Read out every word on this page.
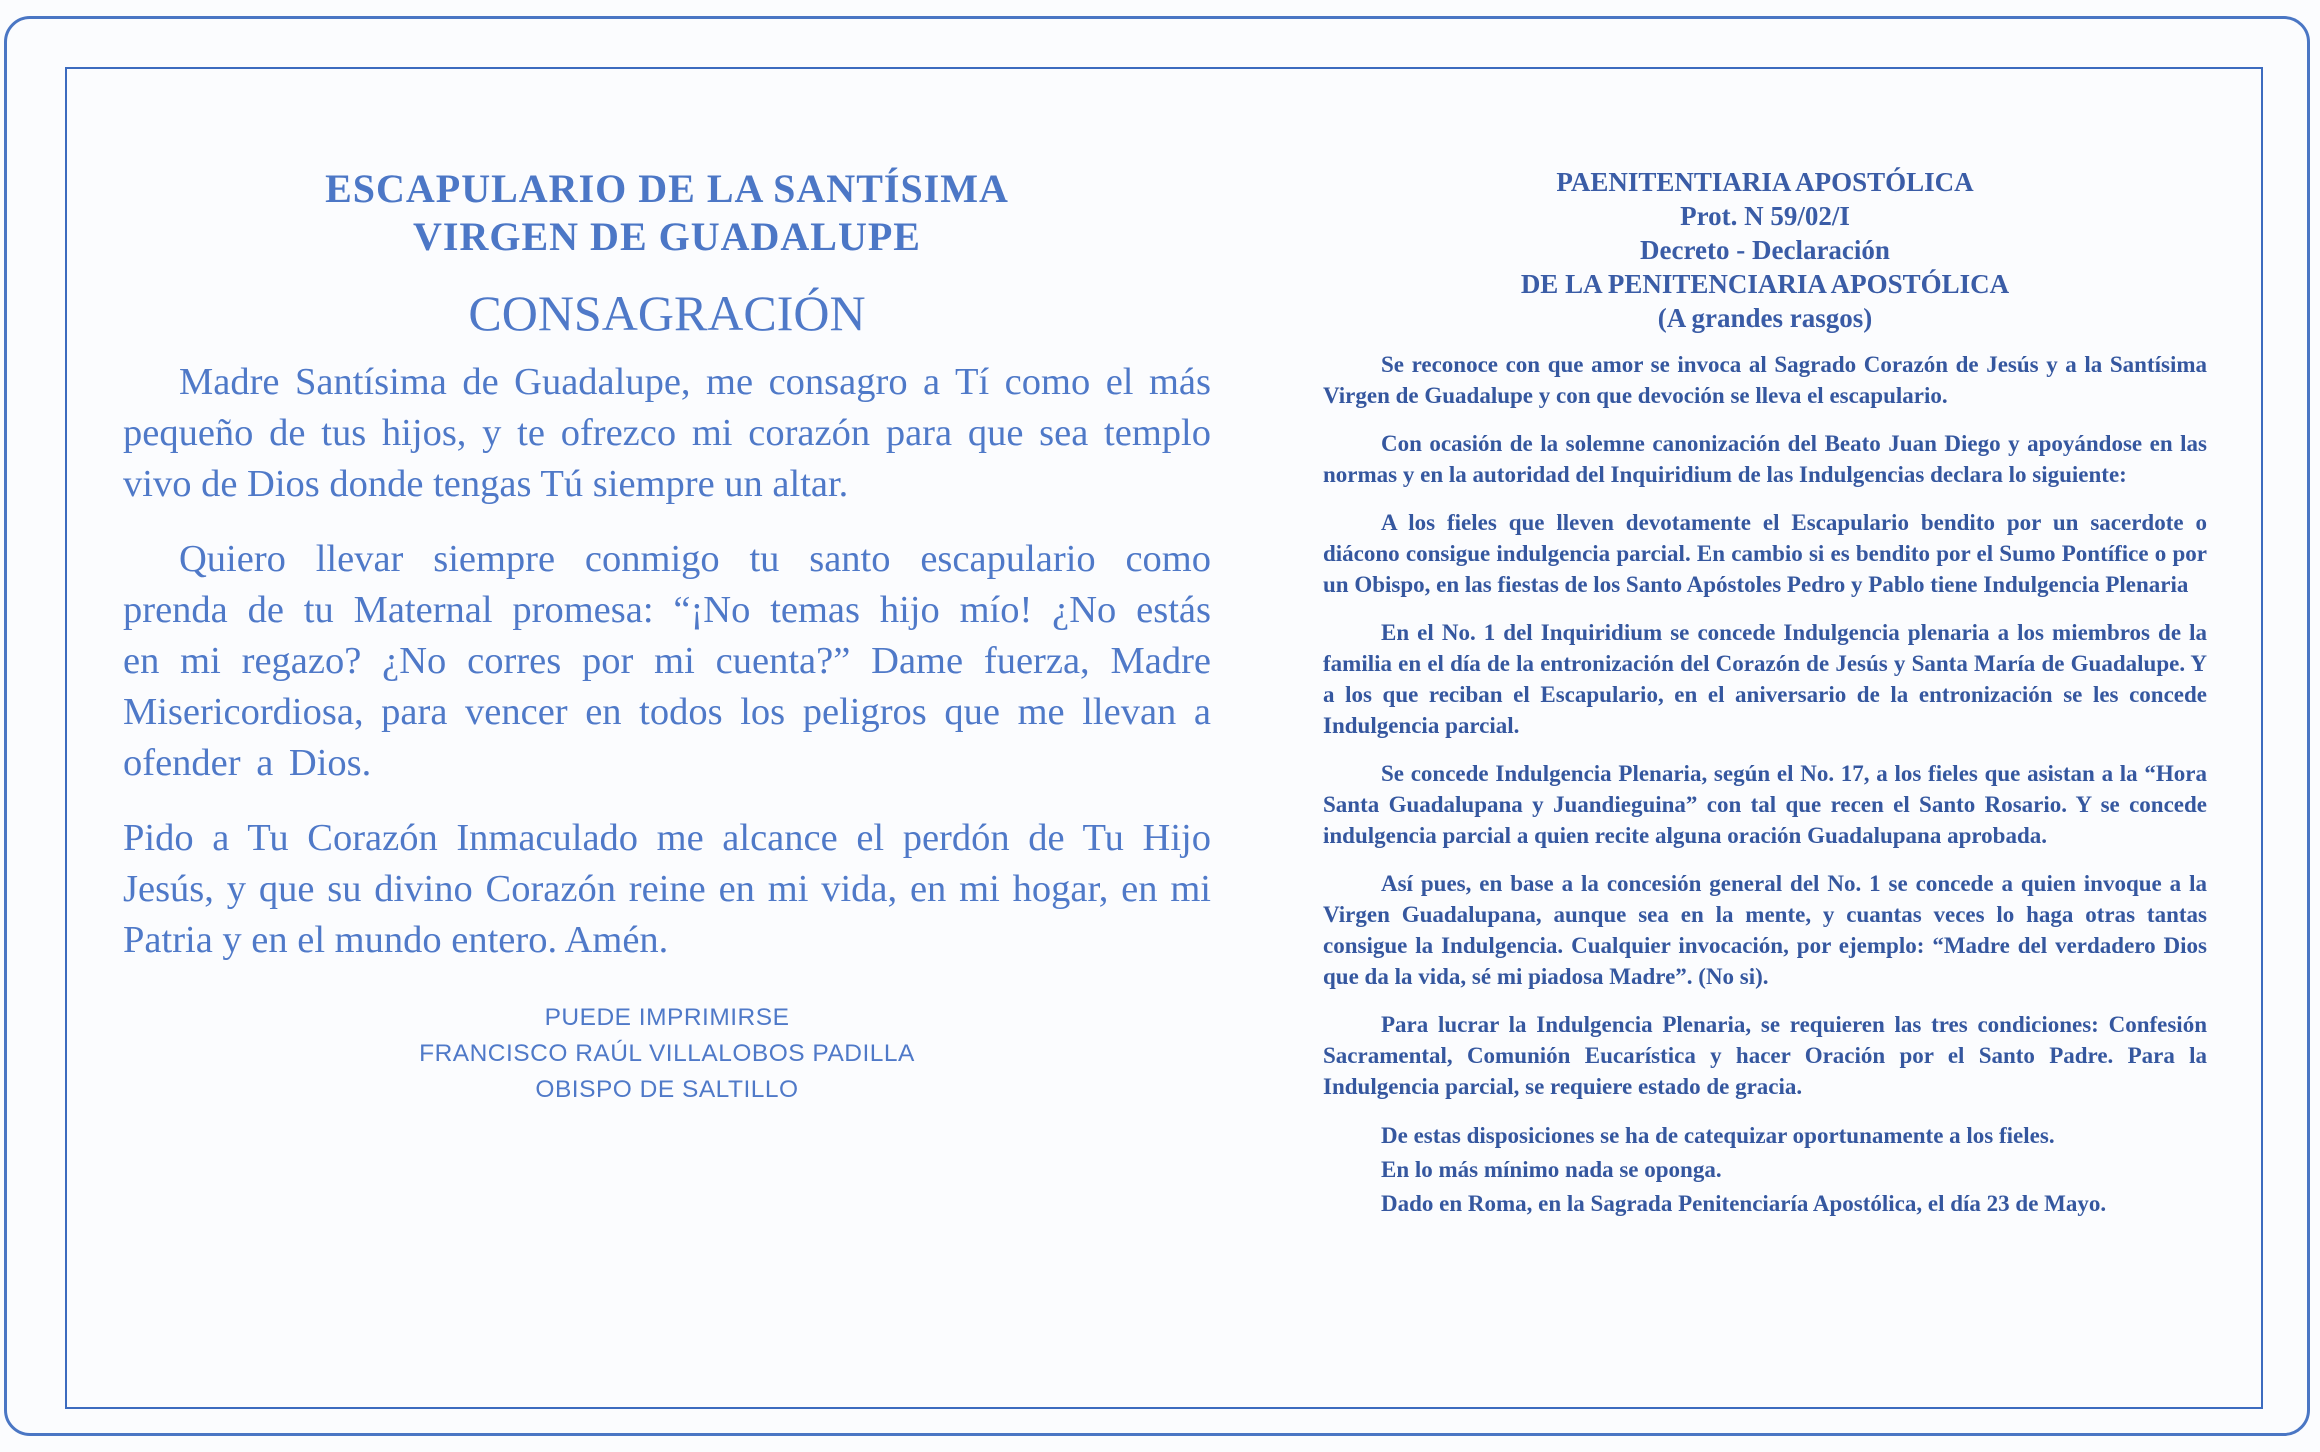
ESCAPULARIO DE LA SANTÍSIMA
VIRGEN DE GUADALUPE
CONSAGRACIÓN

Madre Santísima de Guadalupe, me consagro a Tí como el más pequeño de tus hijos, y te ofrezco mi corazón para que sea templo vivo de Dios donde tengas Tú siempre un altar.

Quiero llevar siempre conmigo tu santo escapulario como prenda de tu Maternal promesa: “¡No temas hijo mío! ¿No estás en mi regazo? ¿No corres por mi cuenta?” Dame fuerza, Madre Misericordiosa, para vencer en todos los peligros que me llevan a ofender a Dios.

Pido a Tu Corazón Inmaculado me alcance el perdón de Tu Hijo Jesús, y que su divino Corazón reine en mi vida, en mi hogar, en mi Patria y en el mundo entero. Amén.

PUEDE IMPRIMIRSE
FRANCISCO RAÚL VILLALOBOS PADILLA
OBISPO DE SALTILLO
PAENITENTIARIA APOSTÓLICA
Prot. N 59/02/I
Decreto - Declaración
DE LA PENITENCIARIA APOSTÓLICA
(A grandes rasgos)

Se reconoce con que amor se invoca al Sagrado Corazón de Jesús y a la Santísima Virgen de Guadalupe y con que devoción se lleva el escapulario.

Con ocasión de la solemne canonización del Beato Juan Diego y apoyándose en las normas y en la autoridad del Inquiridium de las Indulgencias declara lo siguiente:

A los fieles que lleven devotamente el Escapulario bendito por un sacerdote o diácono consigue indulgencia parcial. En cambio si es bendito por el Sumo Pontífice o por un Obispo, en las fiestas de los Santo Apóstoles Pedro y Pablo tiene Indulgencia Plenaria

En el No. 1 del Inquiridium se concede Indulgencia plenaria a los miembros de la familia en el día de la entronización del Corazón de Jesús y Santa María de Guadalupe. Y a los que reciban el Escapulario, en el aniversario de la entronización se les concede Indulgencia parcial.

Se concede Indulgencia Plenaria, según el No. 17, a los fieles que asistan a la “Hora Santa Guadalupana y Juandieguina” con tal que recen el Santo Rosario. Y se concede indulgencia parcial a quien recite alguna oración Guadalupana aprobada.

Así pues, en base a la concesión general del No. 1 se concede a quien invoque a la Virgen Guadalupana, aunque sea en la mente, y cuantas veces lo haga otras tantas consigue la Indulgencia. Cualquier invocación, por ejemplo: “Madre del verdadero Dios que da la vida, sé mi piadosa Madre”. (No si).

Para lucrar la Indulgencia Plenaria, se requieren las tres condiciones: Confesión Sacramental, Comunión Eucarística y hacer Oración por el Santo Padre. Para la Indulgencia parcial, se requiere estado de gracia.

De estas disposiciones se ha de catequizar oportunamente a los fieles.

En lo más mínimo nada se oponga.

Dado en Roma, en la Sagrada Penitenciaría Apostólica, el día 23 de Mayo.
